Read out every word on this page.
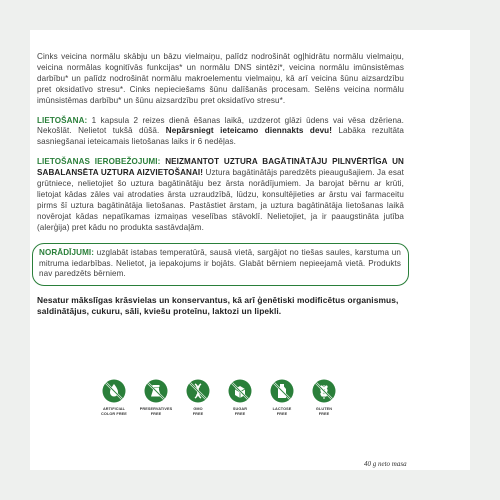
Cinks veicina normālu skābju un bāzu vielmaiņu, palīdz nodrošināt ogļhidrātu normālu vielmaiņu, veicina normālas kognitīvās funkcijas* un normālu DNS sintēzi*, veicina normālu imūnsistēmas darbību* un palīdz nodrošināt normālu makroelementu vielmaiņu, kā arī veicina šūnu aizsardzību pret oksidatīvo stresu*. Cinks nepieciešams šūnu dalīšanās procesam. Selēns veicina normālu imūnsistēmas darbību* un šūnu aizsardzību pret oksidatīvo stresu*.

LIETOŠANA: 1 kapsula 2 reizes dienā ēšanas laikā, uzdzerot glāzi ūdens vai vēsa dzēriena. Nekošlāt. Nelietot tukšā dūšā. Nepārsniegt ieteicamo diennakts devu! Labāka rezultāta sasniegšanai ieteicamais lietošanas laiks ir 6 nedēļas.

LIETOŠANAS IEROBEŽOJUMI: NEIZMANTOT UZTURA BAGĀTINĀTĀJU PILNVĒRTĪGA UN SABALANSĒTA UZTURA AIZVIETOŠANAI! Uztura bagātinātājs paredzēts pieaugušajiem. Ja esat grūtniece, nelietojiet šo uztura bagātinātāju bez ārsta norādījumiem. Ja barojat bērnu ar krūti, lietojat kādas zāles vai atrodaties ārsta uzraudzībā, lūdzu, konsultējieties ar ārstu vai farmaceitu pirms šī uztura bagātinātāja lietošanas. Pastāstiet ārstam, ja uztura bagātinātāja lietošanas laikā novērojat kādas nepatīkamas izmaiņas veselības stāvoklī. Nelietojiet, ja ir paaugstināta jutība (alerģija) pret kādu no produkta sastāvdaļām.

NORĀDĪJUMI: uzglabāt istabas temperatūrā, sausā vietā, sargājot no tiešas saules, karstuma un mitruma iedarbības. Nelietot, ja iepakojums ir bojāts. Glabāt bērniem nepieejamā vietā. Produkts nav paredzēts bērniem.

Nesatur mākslīgas krāsvielas un konservantus, kā arī ģenētiski modificētus organismus, saldinātājus, cukuru, sāli, kviešu proteīnu, laktozi un lipekli.

ARTIFICIAL
COLOR FREE
PRESERVATIVES
FREE
GMO
FREE
SUGAR
FREE
LACTOSE
FREE
GLUTEN
FREE
40 g neto masa
